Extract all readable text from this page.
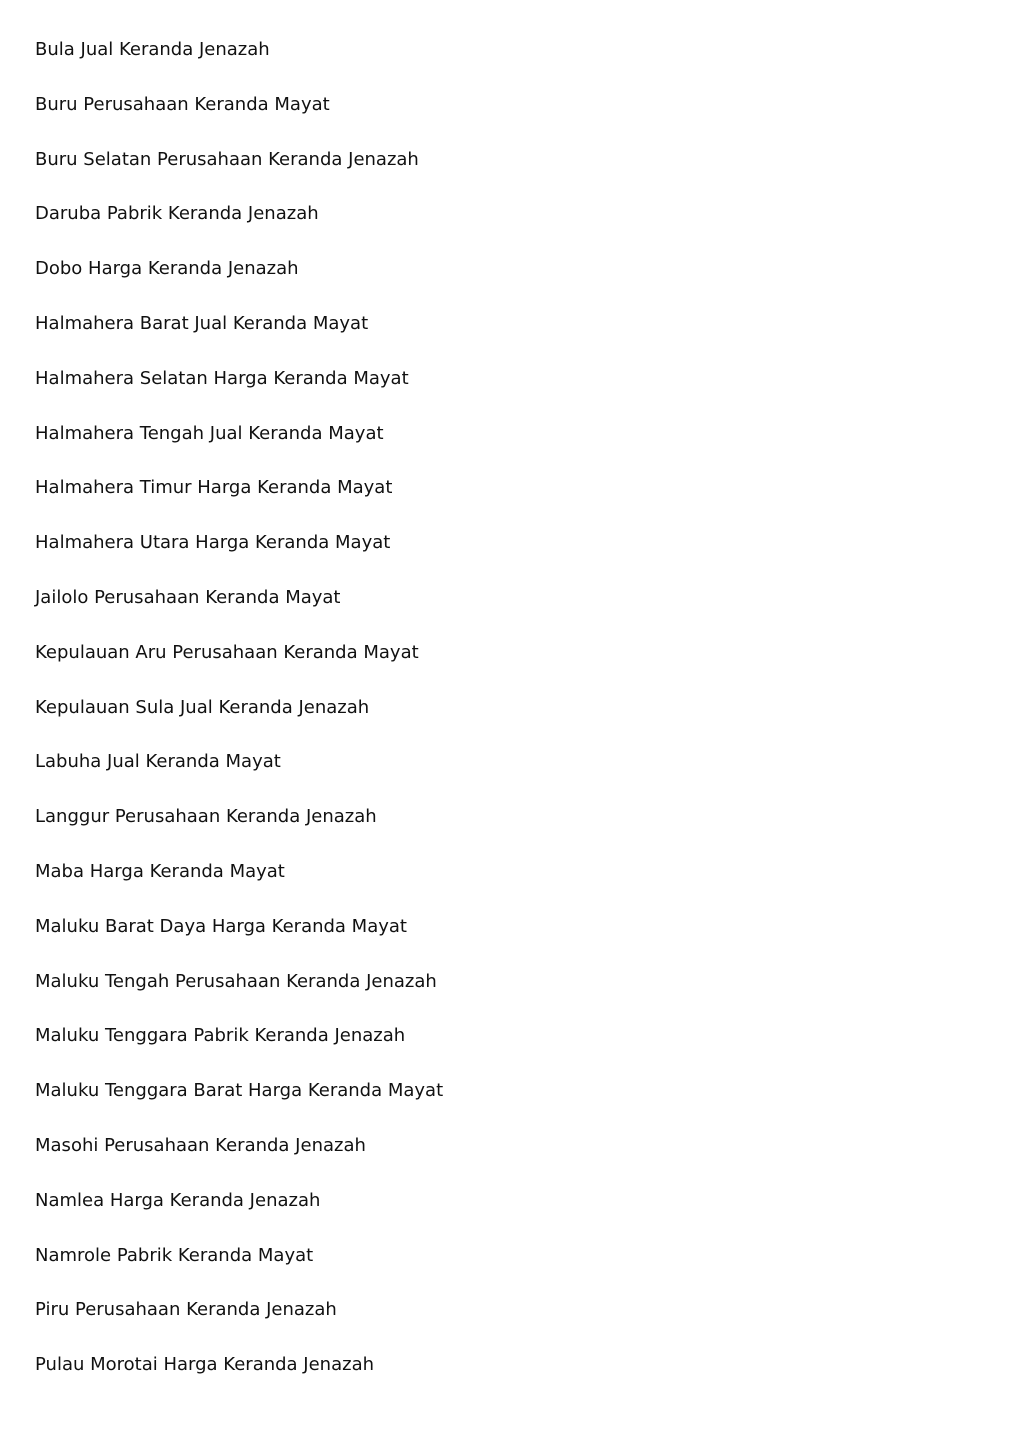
Bula Jual Keranda Jenazah
Buru Perusahaan Keranda Mayat
Buru Selatan Perusahaan Keranda Jenazah
Daruba Pabrik Keranda Jenazah
Dobo Harga Keranda Jenazah
Halmahera Barat Jual Keranda Mayat
Halmahera Selatan Harga Keranda Mayat
Halmahera Tengah Jual Keranda Mayat
Halmahera Timur Harga Keranda Mayat
Halmahera Utara Harga Keranda Mayat
Jailolo Perusahaan Keranda Mayat
Kepulauan Aru Perusahaan Keranda Mayat
Kepulauan Sula Jual Keranda Jenazah
Labuha Jual Keranda Mayat
Langgur Perusahaan Keranda Jenazah
Maba Harga Keranda Mayat
Maluku Barat Daya Harga Keranda Mayat
Maluku Tengah Perusahaan Keranda Jenazah
Maluku Tenggara Pabrik Keranda Jenazah
Maluku Tenggara Barat Harga Keranda Mayat
Masohi Perusahaan Keranda Jenazah
Namlea Harga Keranda Jenazah
Namrole Pabrik Keranda Mayat
Piru Perusahaan Keranda Jenazah
Pulau Morotai Harga Keranda Jenazah
